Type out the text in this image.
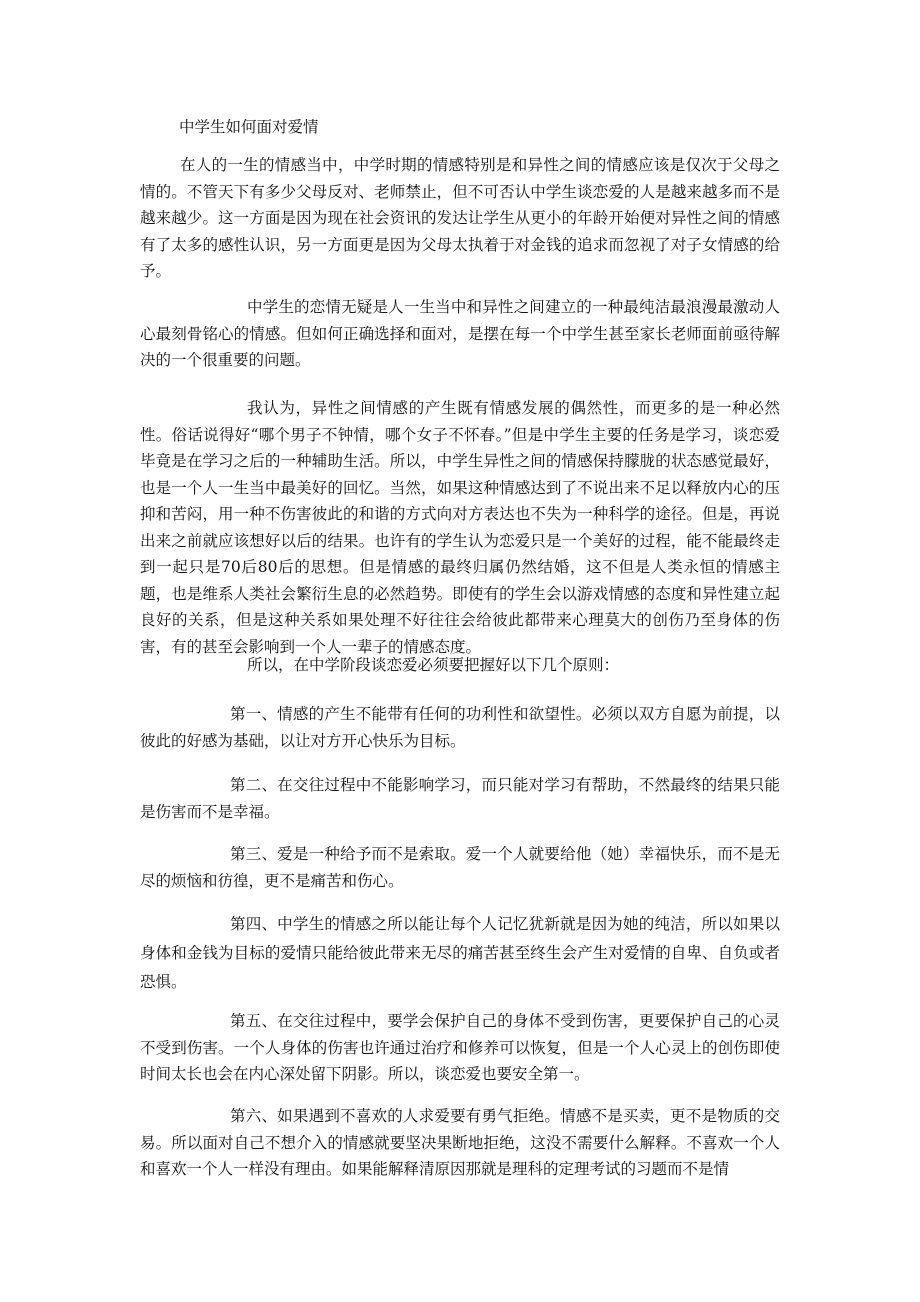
中学生如何面对爱情

在人的一生的情感当中，中学时期的情感特别是和异性之间的情感应该是仅次于父母之情的。不管天下有多少父母反对、老师禁止，但不可否认中学生谈恋爱的人是越来越多而不是越来越少。这一方面是因为现在社会资讯的发达让学生从更小的年龄开始便对异性之间的情感有了太多的感性认识，另一方面更是因为父母太执着于对金钱的追求而忽视了对子女情感的给予。

中学生的恋情无疑是人一生当中和异性之间建立的一种最纯洁最浪漫最激动人心最刻骨铭心的情感。但如何正确选择和面对，是摆在每一个中学生甚至家长老师面前亟待解决的一个很重要的问题。

我认为，异性之间情感的产生既有情感发展的偶然性，而更多的是一种必然性。俗话说得好“哪个男子不钟情，哪个女子不怀春。”但是中学生主要的任务是学习，谈恋爱毕竟是在学习之后的一种辅助生活。所以，中学生异性之间的情感保持朦胧的状态感觉最好，也是一个人一生当中最美好的回忆。当然，如果这种情感达到了不说出来不足以释放内心的压抑和苦闷，用一种不伤害彼此的和谐的方式向对方表达也不失为一种科学的途径。但是，再说出来之前就应该想好以后的结果。也许有的学生认为恋爱只是一个美好的过程，能不能最终走到一起只是70后80后的思想。但是情感的最终归属仍然结婚，这不但是人类永恒的情感主题，也是维系人类社会繁衍生息的必然趋势。即使有的学生会以游戏情感的态度和异性建立起良好的关系，但是这种关系如果处理不好往往会给彼此都带来心理莫大的创伤乃至身体的伤害，有的甚至会影响到一个人一辈子的情感态度。

所以，在中学阶段谈恋爱必须要把握好以下几个原则：

第一、情感的产生不能带有任何的功利性和欲望性。必须以双方自愿为前提，以彼此的好感为基础，以让对方开心快乐为目标。

第二、在交往过程中不能影响学习，而只能对学习有帮助，不然最终的结果只能是伤害而不是幸福。

第三、爱是一种给予而不是索取。爱一个人就要给他（她）幸福快乐，而不是无尽的烦恼和彷徨，更不是痛苦和伤心。

第四、中学生的情感之所以能让每个人记忆犹新就是因为她的纯洁，所以如果以身体和金钱为目标的爱情只能给彼此带来无尽的痛苦甚至终生会产生对爱情的自卑、自负或者恐惧。

第五、在交往过程中，要学会保护自己的身体不受到伤害，更要保护自己的心灵不受到伤害。一个人身体的伤害也许通过治疗和修养可以恢复，但是一个人心灵上的创伤即使时间太长也会在内心深处留下阴影。所以，谈恋爱也要安全第一。

第六、如果遇到不喜欢的人求爱要有勇气拒绝。情感不是买卖，更不是物质的交易。所以面对自己不想介入的情感就要坚决果断地拒绝，这没不需要什么解释。不喜欢一个人和喜欢一个人一样没有理由。如果能解释清原因那就是理科的定理考试的习题而不是情
